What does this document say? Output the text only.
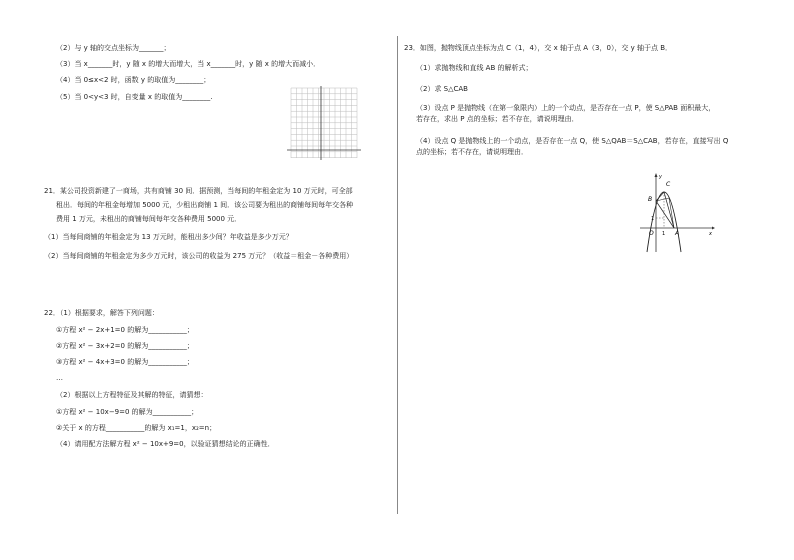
（2）与 y 轴的交点坐标为_______；
（3）当 x_______时，y 随 x 的增大而增大，当 x_______时，y 随 x 的增大而减小．
（4）当 0≤x<2 时，函数 y 的取值为________；
（5）当 0<y<3 时，自变量 x 的取值为________.
21．某公司投资新建了一商场，共有商铺 30 间．据预测，当每间的年租金定为 10 万元时，可全部
租出．每间的年租金每增加 5000 元，少租出商铺 1 间．该公司要为租出的商铺每间每年交各种
费用 1 万元，未租出的商铺每间每年交各种费用 5000 元．
（1）当每间商铺的年租金定为 13 万元时，能租出多少间？年收益是多少万元？
（2）当每间商铺的年租金定为多少万元时，该公司的收益为 275 万元？（收益＝租金－各种费用）
22．（1）根据要求，解答下列问题：
①方程 x² − 2x+1=0 的解为___________；
②方程 x² − 3x+2=0 的解为___________；
③方程 x² − 4x+3=0 的解为___________；
…
（2）根据以上方程特征及其解的特征，请猜想：
①方程 x² − 10x−9=0 的解为___________；
②关于 x 的方程___________的解为 x₁=1，x₂=n；
（4）请用配方法解方程 x² − 10x+9=0，以验证猜想结论的正确性．
23．如图，抛物线顶点坐标为点 C（1，4），交 x 轴于点 A（3，0），交 y 轴于点 B．
（1）求抛物线和直线 AB 的解析式；
（2）求 S△CAB
（3）设点 P 是抛物线（在第一象限内）上的一个动点，是否存在一点 P，使 S△PAB 面积最大，
若存在，求出 P 点的坐标；若不存在，请说明理由．
（4）设点 Q 是抛物线上的一个动点，是否存在一点 Q，使 S△QAB＝S△CAB，若存在，直接写出 Q
点的坐标；若不存在，请说明理由．
B
C
O 1
1
A
y
x
